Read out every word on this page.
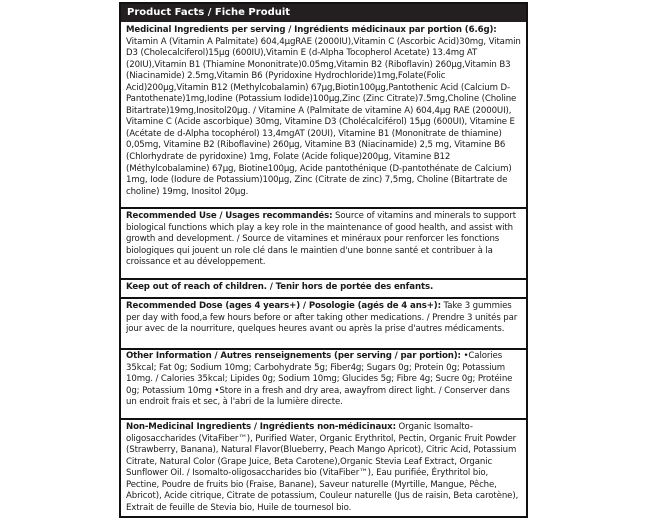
Product Facts / Fiche Produit
Medicinal Ingredients per serving / Ingrédients médicinaux par portion (6.6g): Vitamin A (Vitamin A Palmitate) 604,4µgRAE (2000IU),Vitamin C (Ascorbic Acid)30mg, Vitamin D3 (Cholecalciferol)15µg (600IU),Vitamin E (d-Alpha Tocopherol Acetate) 13.4mg AT (20IU),Vitamin B1 (Thiamine Mononitrate)0.05mg,Vitamin B2 (Riboflavin) 260µg,Vitamin B3 (Niacinamide) 2.5mg,Vitamin B6 (Pyridoxine Hydrochloride)1mg,Folate(Folic Acid)200µg,Vitamin B12 (Methylcobalamin) 67µg,Biotin100µg,Pantothenic Acid (Calcium D-Pantothenate)1mg,Iodine (Potassium Iodide)100µg,Zinc (Zinc Citrate)7.5mg,Choline (Choline Bitartrate)19mg,Inositol20µg. / Vitamine A (Palmitate de vitamine A) 604,4µg RAE (2000UI), Vitamine C (Acide ascorbique) 30mg, Vitamine D3 (Cholécalciférol) 15µg (600UI), Vitamine E (Acétate de d-Alpha tocophérol) 13,4mgAT (20UI), Vitamine B1 (Mononitrate de thiamine) 0,05mg, Vitamine B2 (Riboflavine) 260µg, Vitamine B3 (Niacinamide) 2,5 mg, Vitamine B6 (Chlorhydrate de pyridoxine) 1mg, Folate (Acide folique)200µg, Vitamine B12 (Méthylcobalamine) 67µg, Biotine100µg, Acide pantothénique (D-pantothénate de Calcium) 1mg, Iode (Iodure de Potassium)100µg, Zinc (Citrate de zinc) 7,5mg, Choline (Bitartrate de choline) 19mg, Inositol 20µg.
Recommended Use / Usages recommandés: Source of vitamins and minerals to support biological functions which play a key role in the maintenance of good health, and assist with growth and development. / Source de vitamines et minéraux pour renforcer les fonctions biologiques qui jouent un role clé dans le maintien d'une bonne santé et contribuer à la croissance et au développement.
Keep out of reach of children. / Tenir hors de portée des enfants.
Recommended Dose (ages 4 years+) / Posologie (agés de 4 ans+): Take 3 gummies per day with food,a few hours before or after taking other medications. / Prendre 3 unités par jour avec de la nourriture, quelques heures avant ou après la prise d'autres médicaments.
Other Information / Autres renseignements (per serving / par portion): •Calories 35kcal; Fat 0g; Sodium 10mg; Carbohydrate 5g; Fiber4g; Sugars 0g; Protein 0g; Potassium 10mg. / Calories 35kcal; Lipides 0g; Sodium 10mg; Glucides 5g; Fibre 4g; Sucre 0g; Protéine 0g; Potassium 10mg •Store in a fresh and dry area, awayfrom direct light. / Conserver dans un endroit frais et sec, à l'abri de la lumière directe.
Non-Medicinal Ingredients / Ingrédients non-médicinaux: Organic Isomalto-oligosaccharides (VitaFiber™), Purified Water, Organic Erythritol, Pectin, Organic Fruit Powder (Strawberry, Banana), Natural Flavor(Blueberry, Peach Mango Apricot), Citric Acid, Potassium Citrate, Natural Color (Grape Juice, Beta Carotene),Organic Stevia Leaf Extract, Organic Sunflower Oil. / Isomalto-oligosaccharides bio (VitaFiber™), Eau purifiée, Érythritol bio, Pectine, Poudre de fruits bio (Fraise, Banane), Saveur naturelle (Myrtille, Mangue, Pêche, Abricot), Acide citrique, Citrate de potassium, Couleur naturelle (Jus de raisin, Beta carotène), Extrait de feuille de Stevia bio, Huile de tournesol bio.
